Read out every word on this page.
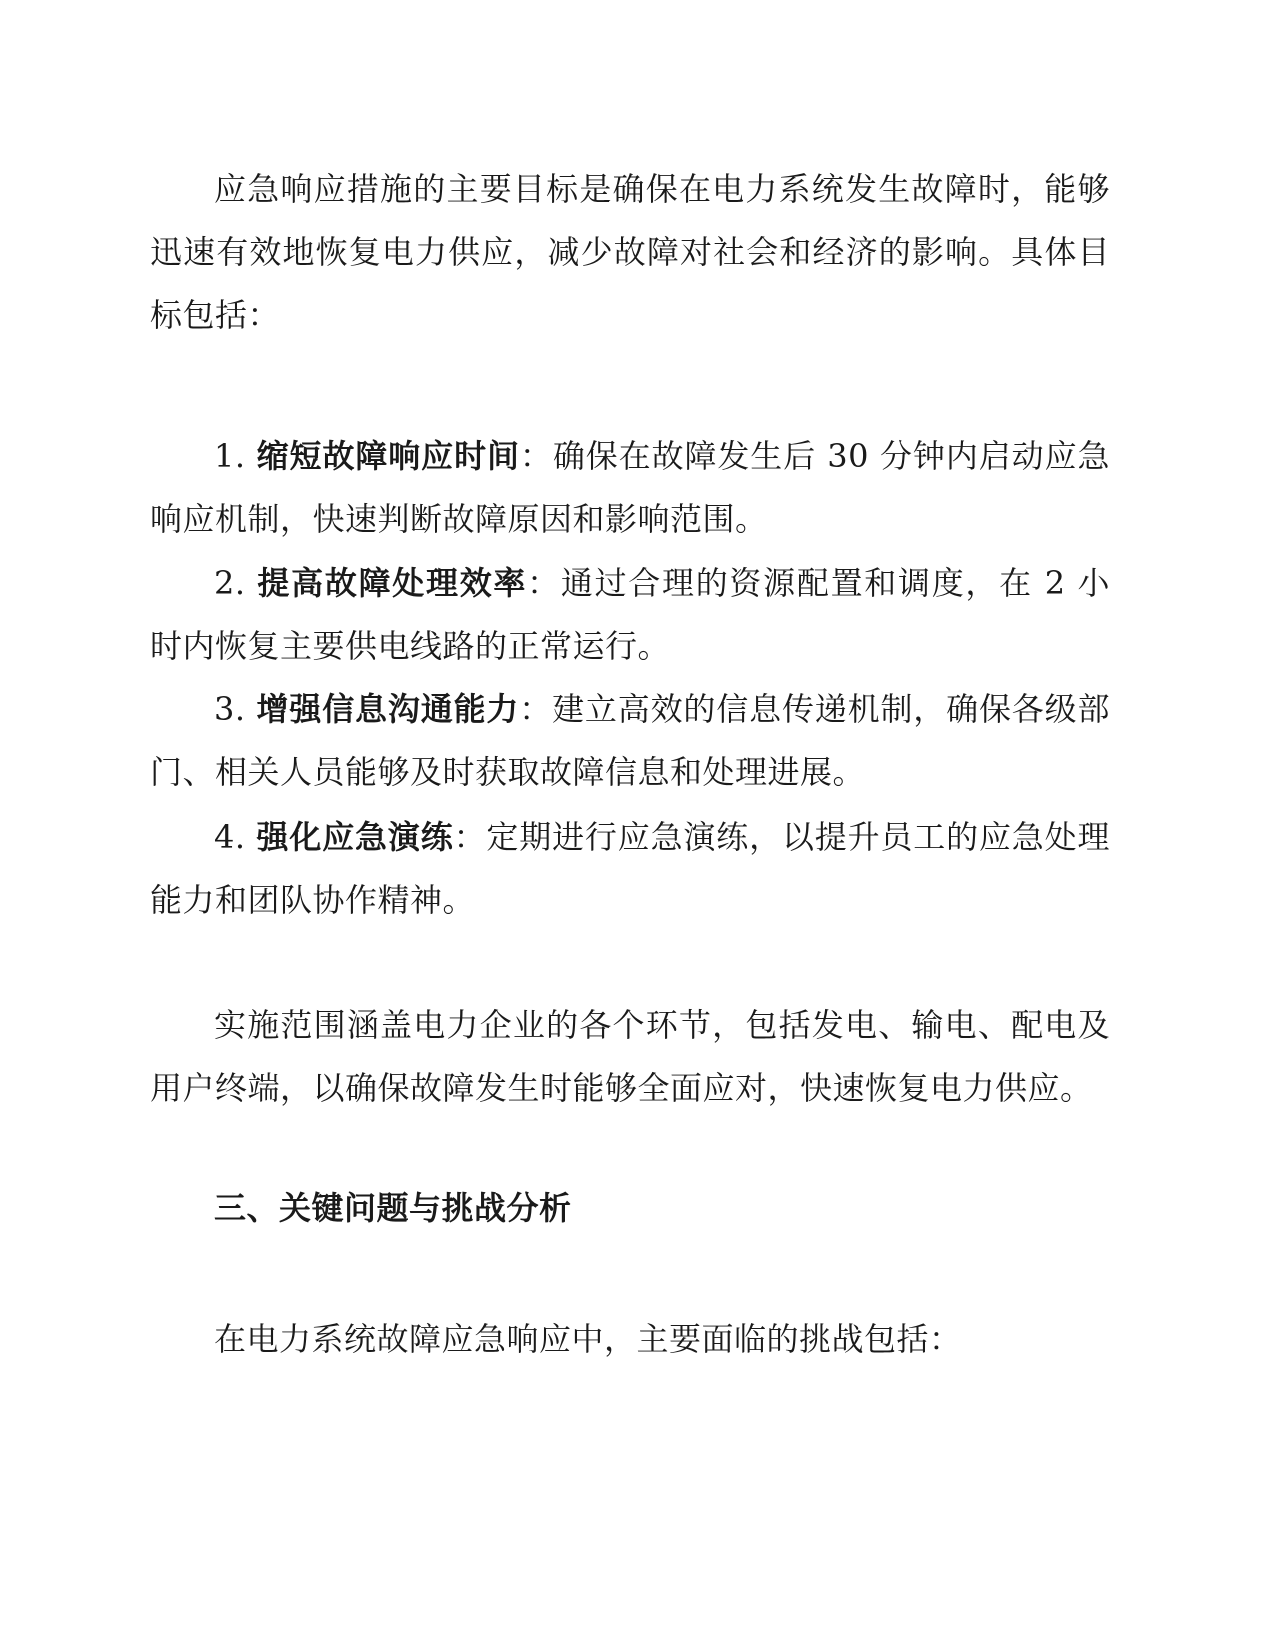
应急响应措施的主要目标是确保在电力系统发生故障时，能够迅速有效地恢复电力供应，减少故障对社会和经济的影响。具体目标包括：

1. 缩短故障响应时间：确保在故障发生后 30 分钟内启动应急响应机制，快速判断故障原因和影响范围。

2. 提高故障处理效率：通过合理的资源配置和调度，在 2 小时内恢复主要供电线路的正常运行。

3. 增强信息沟通能力：建立高效的信息传递机制，确保各级部门、相关人员能够及时获取故障信息和处理进展。

4. 强化应急演练：定期进行应急演练，以提升员工的应急处理能力和团队协作精神。

实施范围涵盖电力企业的各个环节，包括发电、输电、配电及用户终端，以确保故障发生时能够全面应对，快速恢复电力供应。

三、关键问题与挑战分析

在电力系统故障应急响应中，主要面临的挑战包括：
